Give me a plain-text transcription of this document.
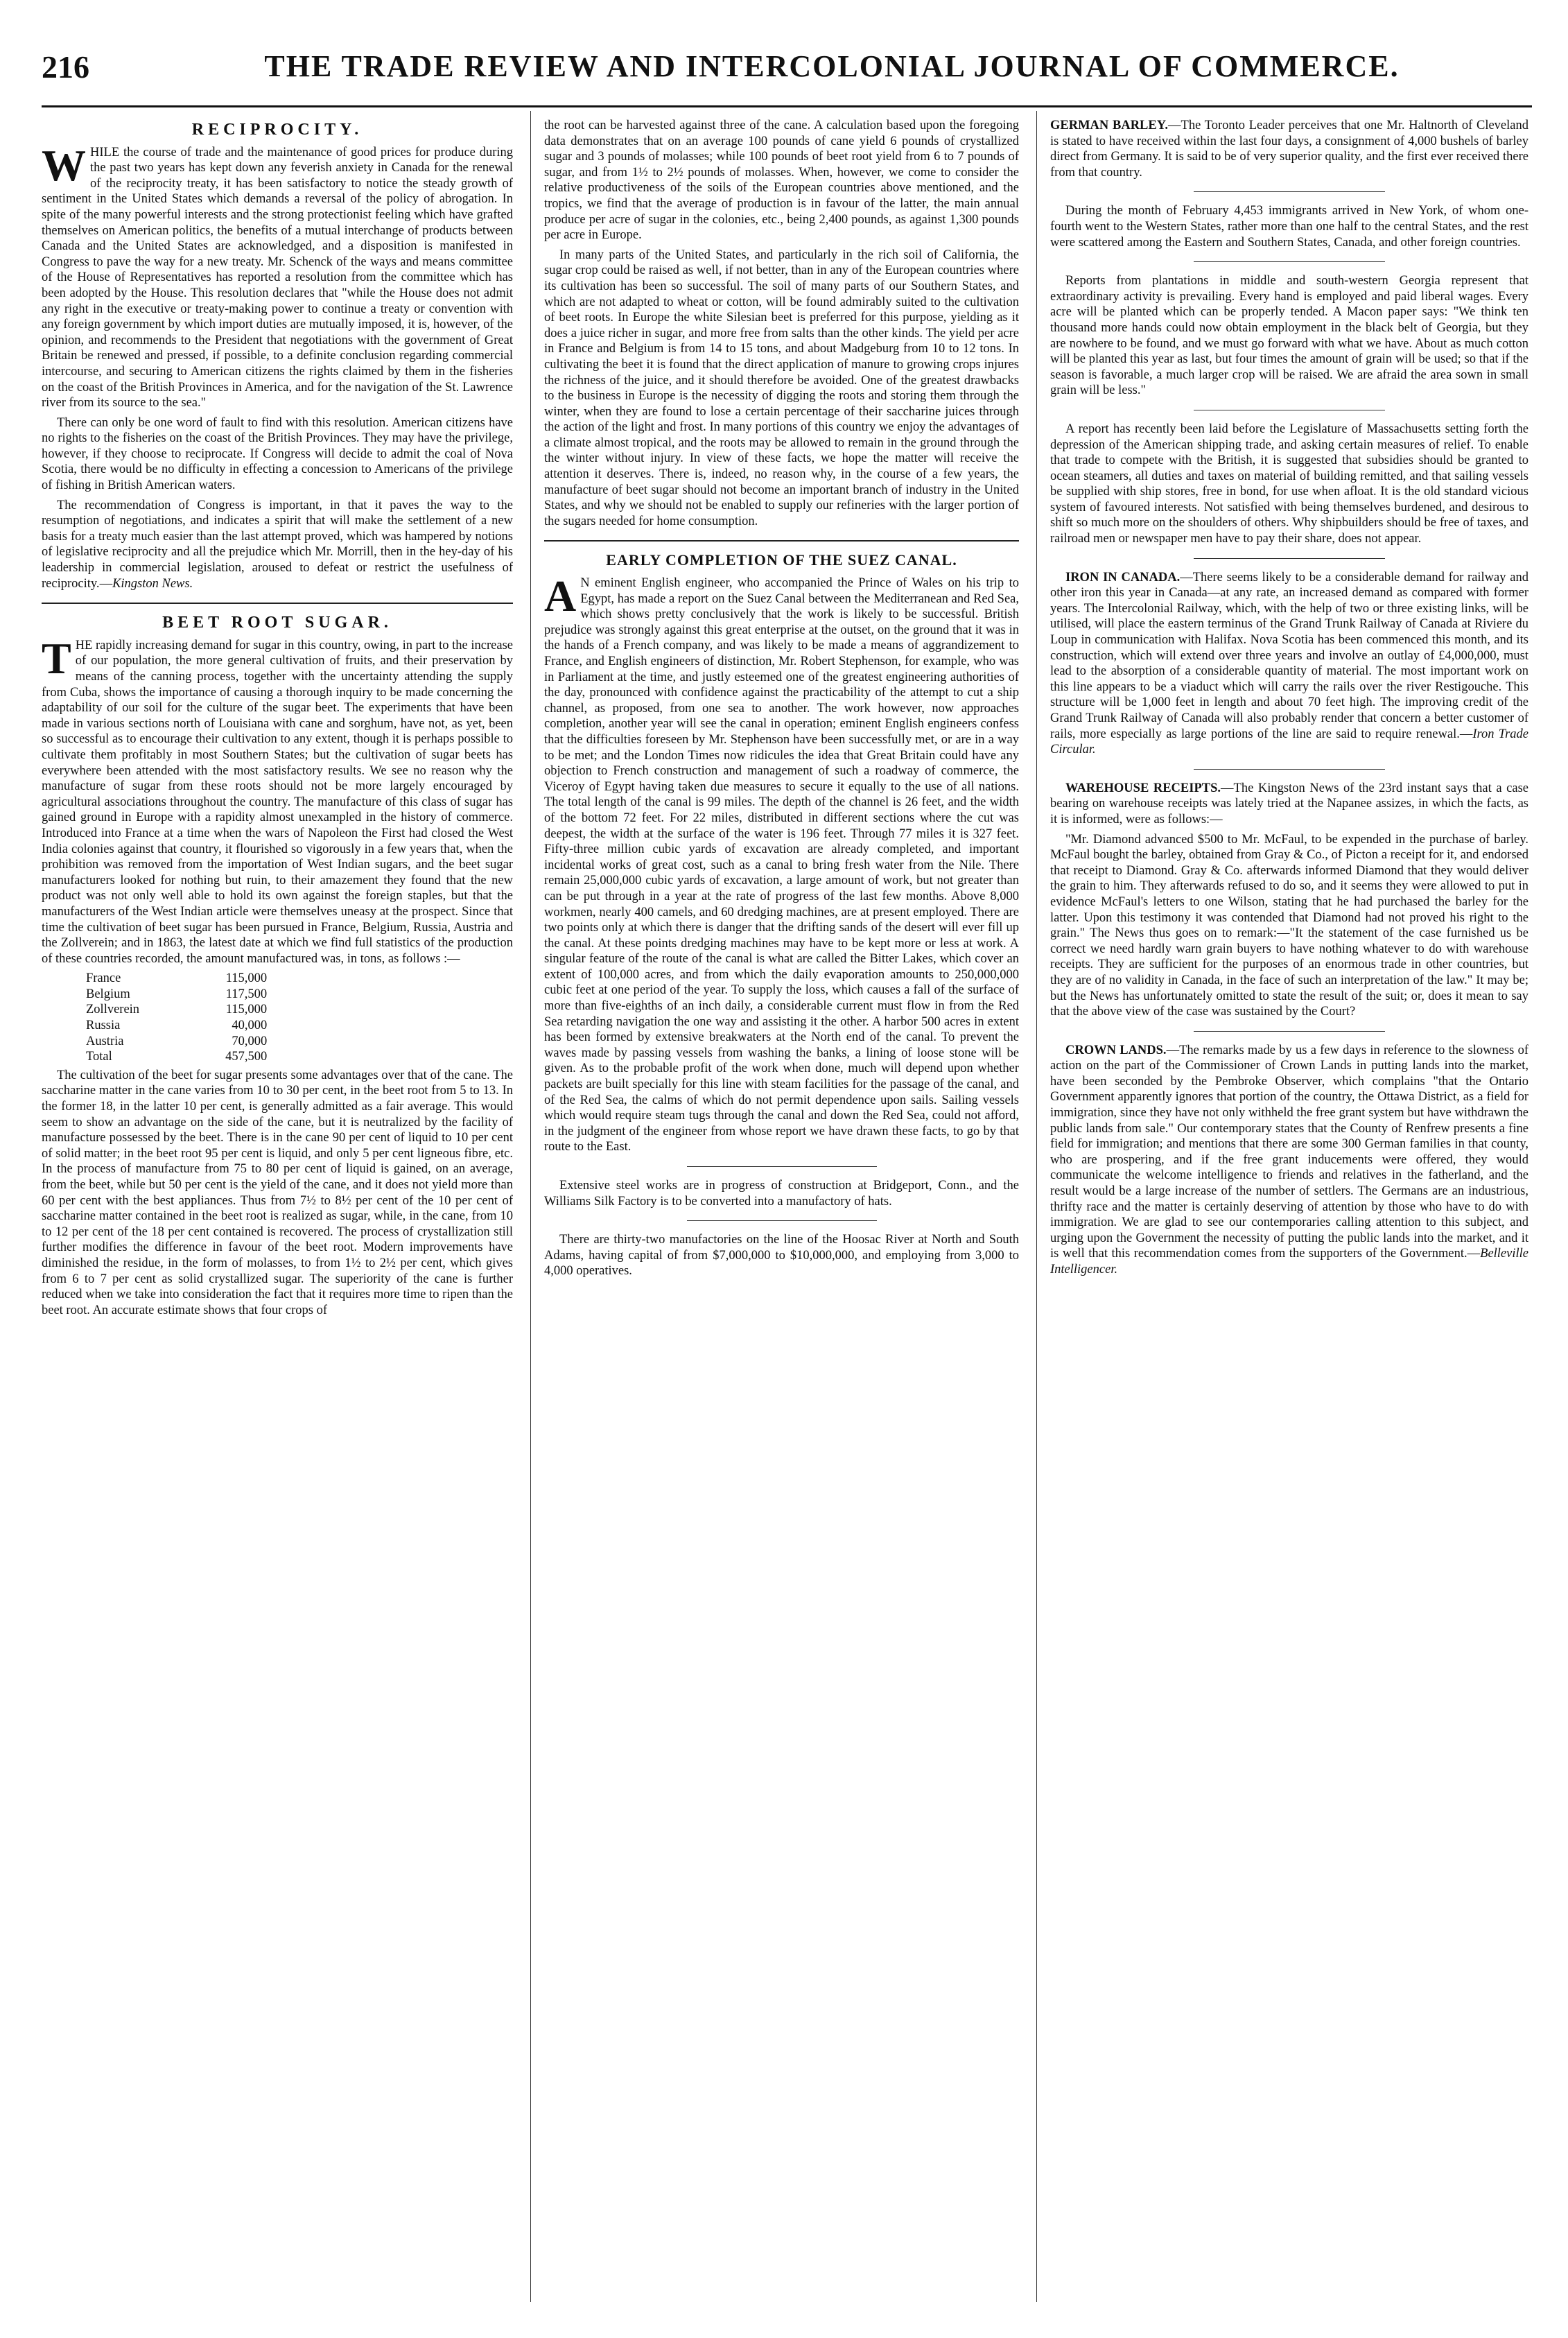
216	THE TRADE REVIEW AND INTERCOLONIAL JOURNAL OF COMMERCE.
RECIPROCITY.

WHILE the course of trade and the maintenance of good prices for produce during the past two years has kept down any feverish anxiety in Canada for the renewal of the reciprocity treaty, it has been satisfactory to notice the steady growth of sentiment in the United States which demands a reversal of the policy of abrogation. In spite of the many powerful interests and the strong protectionist feeling which have grafted themselves on American politics, the benefits of a mutual interchange of products between Canada and the United States are acknowledged, and a disposition is manifested in Congress to pave the way for a new treaty. Mr. Schenck of the ways and means committee of the House of Representatives has reported a resolution from the committee which has been adopted by the House. This resolution declares that "while the House does not admit any right in the executive or treaty-making power to continue a treaty or convention with any foreign government by which import duties are mutually imposed, it is, however, of the opinion, and recommends to the President that negotiations with the government of Great Britain be renewed and pressed, if possible, to a definite conclusion regarding commercial intercourse, and securing to American citizens the rights claimed by them in the fisheries on the coast of the British Provinces in America, and for the navigation of the St. Lawrence river from its source to the sea."

There can only be one word of fault to find with this resolution. American citizens have no rights to the fisheries on the coast of the British Provinces. They may have the privilege, however, if they choose to reciprocate. If Congress will decide to admit the coal of Nova Scotia, there would be no difficulty in effecting a concession to Americans of the privilege of fishing in British American waters.

The recommendation of Congress is important, in that it paves the way to the resumption of negotiations, and indicates a spirit that will make the settlement of a new basis for a treaty much easier than the last attempt proved, which was hampered by notions of legislative reciprocity and all the prejudice which Mr. Morrill, then in the hey-day of his leadership in commercial legislation, aroused to defeat or restrict the usefulness of reciprocity.—Kingston News.

BEET ROOT SUGAR.

THE rapidly increasing demand for sugar in this country, owing, in part to the increase of our population, the more general cultivation of fruits, and their preservation by means of the canning process, together with the uncertainty attending the supply from Cuba, shows the importance of causing a thorough inquiry to be made concerning the adaptability of our soil for the culture of the sugar beet. The experiments that have been made in various sections north of Louisiana with cane and sorghum, have not, as yet, been so successful as to encourage their cultivation to any extent, though it is perhaps possible to cultivate them profitably in most Southern States; but the cultivation of sugar beets has everywhere been attended with the most satisfactory results. We see no reason why the manufacture of sugar from these roots should not be more largely encouraged by agricultural associations throughout the country. The manufacture of this class of sugar has gained ground in Europe with a rapidity almost unexampled in the history of commerce. Introduced into France at a time when the wars of Napoleon the First had closed the West India colonies against that country, it flourished so vigorously in a few years that, when the prohibition was removed from the importation of West Indian sugars, and the beet sugar manufacturers looked for nothing but ruin, to their amazement they found that the new product was not only well able to hold its own against the foreign staples, but that the manufacturers of the West Indian article were themselves uneasy at the prospect. Since that time the cultivation of beet sugar has been pursued in France, Belgium, Russia, Austria and the Zollverein; and in 1863, the latest date at which we find full statistics of the production of these countries recorded, the amount manufactured was, in tons, as follows :—

France	115,000
Belgium	117,500
Zollverein	115,000
Russia	40,000
Austria	70,000
Total	457,500

The cultivation of the beet for sugar presents some advantages over that of the cane. The saccharine matter in the cane varies from 10 to 30 per cent, in the beet root from 5 to 13. In the former 18, in the latter 10 per cent, is generally admitted as a fair average. This would seem to show an advantage on the side of the cane, but it is neutralized by the facility of manufacture possessed by the beet. There is in the cane 90 per cent of liquid to 10 per cent of solid matter; in the beet root 95 per cent is liquid, and only 5 per cent ligneous fibre, etc. In the process of manufacture from 75 to 80 per cent of liquid is gained, on an average, from the beet, while but 50 per cent is the yield of the cane, and it does not yield more than 60 per cent with the best appliances. Thus from 7½ to 8½ per cent of the 10 per cent of saccharine matter contained in the beet root is realized as sugar, while, in the cane, from 10 to 12 per cent of the 18 per cent contained is recovered. The process of crystallization still further modifies the difference in favour of the beet root. Modern improvements have diminished the residue, in the form of molasses, to from 1½ to 2½ per cent, which gives from 6 to 7 per cent as solid crystallized sugar. The superiority of the cane is further reduced when we take into consideration the fact that it requires more time to ripen than the beet root. An accurate estimate shows that four crops of

the root can be harvested against three of the cane. A calculation based upon the foregoing data demonstrates that on an average 100 pounds of cane yield 6 pounds of crystallized sugar and 3 pounds of molasses; while 100 pounds of beet root yield from 6 to 7 pounds of sugar, and from 1½ to 2½ pounds of molasses. When, however, we come to consider the relative productiveness of the soils of the European countries above mentioned, and the tropics, we find that the average of production is in favour of the latter, the main annual produce per acre of sugar in the colonies, etc., being 2,400 pounds, as against 1,300 pounds per acre in Europe.

In many parts of the United States, and particularly in the rich soil of California, the sugar crop could be raised as well, if not better, than in any of the European countries where its cultivation has been so successful. The soil of many parts of our Southern States, and which are not adapted to wheat or cotton, will be found admirably suited to the cultivation of beet roots. In Europe the white Silesian beet is preferred for this purpose, yielding as it does a juice richer in sugar, and more free from salts than the other kinds. The yield per acre in France and Belgium is from 14 to 15 tons, and about Madgeburg from 10 to 12 tons. In cultivating the beet it is found that the direct application of manure to growing crops injures the richness of the juice, and it should therefore be avoided. One of the greatest drawbacks to the business in Europe is the necessity of digging the roots and storing them through the winter, when they are found to lose a certain percentage of their saccharine juices through the action of the light and frost. In many portions of this country we enjoy the advantages of a climate almost tropical, and the roots may be allowed to remain in the ground through the the winter without injury. In view of these facts, we hope the matter will receive the attention it deserves. There is, indeed, no reason why, in the course of a few years, the manufacture of beet sugar should not become an important branch of industry in the United States, and why we should not be enabled to supply our refineries with the larger portion of the sugars needed for home consumption.

EARLY COMPLETION OF THE SUEZ CANAL.

A N eminent English engineer, who accompanied the Prince of Wales on his trip to Egypt, has made a report on the Suez Canal between the Mediterranean and Red Sea, which shows pretty conclusively that the work is likely to be successful. British prejudice was strongly against this great enterprise at the outset, on the ground that it was in the hands of a French company, and was likely to be made a means of aggrandizement to France, and English engineers of distinction, Mr. Robert Stephenson, for example, who was in Parliament at the time, and justly esteemed one of the greatest engineering authorities of the day, pronounced with confidence against the practicability of the attempt to cut a ship channel, as proposed, from one sea to another. The work however, now approaches completion, another year will see the canal in operation; eminent English engineers confess that the difficulties foreseen by Mr. Stephenson have been successfully met, or are in a way to be met; and the London Times now ridicules the idea that Great Britain could have any objection to French construction and management of such a roadway of commerce, the Viceroy of Egypt having taken due measures to secure it equally to the use of all nations. The total length of the canal is 99 miles. The depth of the channel is 26 feet, and the width of the bottom 72 feet. For 22 miles, distributed in different sections where the cut was deepest, the width at the surface of the water is 196 feet. Through 77 miles it is 327 feet. Fifty-three million cubic yards of excavation are already completed, and important incidental works of great cost, such as a canal to bring fresh water from the Nile. There remain 25,000,000 cubic yards of excavation, a large amount of work, but not greater than can be put through in a year at the rate of progress of the last few months. Above 8,000 workmen, nearly 400 camels, and 60 dredging machines, are at present employed. There are two points only at which there is danger that the drifting sands of the desert will ever fill up the canal. At these points dredging machines may have to be kept more or less at work. A singular feature of the route of the canal is what are called the Bitter Lakes, which cover an extent of 100,000 acres, and from which the daily evaporation amounts to 250,000,000 cubic feet at one period of the year. To supply the loss, which causes a fall of the surface of more than five-eighths of an inch daily, a considerable current must flow in from the Red Sea retarding navigation the one way and assisting it the other. A harbor 500 acres in extent has been formed by extensive breakwaters at the North end of the canal. To prevent the waves made by passing vessels from washing the banks, a lining of loose stone will be given. As to the probable profit of the work when done, much will depend upon whether packets are built specially for this line with steam facilities for the passage of the canal, and of the Red Sea, the calms of which do not permit dependence upon sails. Sailing vessels which would require steam tugs through the canal and down the Red Sea, could not afford, in the judgment of the engineer from whose report we have drawn these facts, to go by that route to the East.

Extensive steel works are in progress of construction at Bridgeport, Conn., and the Williams Silk Factory is to be converted into a manufactory of hats.

There are thirty-two manufactories on the line of the Hoosac River at North and South Adams, having capital of from $7,000,000 to $10,000,000, and employing from 3,000 to 4,000 operatives.

GERMAN BARLEY.—The Toronto Leader perceives that one Mr. Haltnorth of Cleveland is stated to have received within the last four days, a consignment of 4,000 bushels of barley direct from Germany. It is said to be of very superior quality, and the first ever received there from that country.

During the month of February 4,453 immigrants arrived in New York, of whom one-fourth went to the Western States, rather more than one half to the central States, and the rest were scattered among the Eastern and Southern States, Canada, and other foreign countries.

Reports from plantations in middle and south-western Georgia represent that extraordinary activity is prevailing. Every hand is employed and paid liberal wages. Every acre will be planted which can be properly tended. A Macon paper says: "We think ten thousand more hands could now obtain employment in the black belt of Georgia, but they are nowhere to be found, and we must go forward with what we have. About as much cotton will be planted this year as last, but four times the amount of grain will be used; so that if the season is favorable, a much larger crop will be raised. We are afraid the area sown in small grain will be less."

A report has recently been laid before the Legislature of Massachusetts setting forth the depression of the American shipping trade, and asking certain measures of relief. To enable that trade to compete with the British, it is suggested that subsidies should be granted to ocean steamers, all duties and taxes on material of building remitted, and that sailing vessels be supplied with ship stores, free in bond, for use when afloat. It is the old standard vicious system of favoured interests. Not satisfied with being themselves burdened, and desirous to shift so much more on the shoulders of others. Why shipbuilders should be free of taxes, and railroad men or newspaper men have to pay their share, does not appear.

IRON IN CANADA.—There seems likely to be a considerable demand for railway and other iron this year in Canada—at any rate, an increased demand as compared with former years. The Intercolonial Railway, which, with the help of two or three existing links, will be utilised, will place the eastern terminus of the Grand Trunk Railway of Canada at Riviere du Loup in communication with Halifax. Nova Scotia has been commenced this month, and its construction, which will extend over three years and involve an outlay of £4,000,000, must lead to the absorption of a considerable quantity of material. The most important work on this line appears to be a viaduct which will carry the rails over the river Restigouche. This structure will be 1,000 feet in length and about 70 feet high. The improving credit of the Grand Trunk Railway of Canada will also probably render that concern a better customer of rails, more especially as large portions of the line are said to require renewal.—Iron Trade Circular.

WAREHOUSE RECEIPTS.—The Kingston News of the 23rd instant says that a case bearing on warehouse receipts was lately tried at the Napanee assizes, in which the facts, as it is informed, were as follows:—

"Mr. Diamond advanced $500 to Mr. McFaul, to be expended in the purchase of barley. McFaul bought the barley, obtained from Gray & Co., of Picton a receipt for it, and endorsed that receipt to Diamond. Gray & Co. afterwards informed Diamond that they would deliver the grain to him. They afterwards refused to do so, and it seems they were allowed to put in evidence McFaul's letters to one Wilson, stating that he had purchased the barley for the latter. Upon this testimony it was contended that Diamond had not proved his right to the grain." The News thus goes on to remark:—"It the statement of the case furnished us be correct we need hardly warn grain buyers to have nothing whatever to do with warehouse receipts. They are sufficient for the purposes of an enormous trade in other countries, but they are of no validity in Canada, in the face of such an interpretation of the law." It may be; but the News has unfortunately omitted to state the result of the suit; or, does it mean to say that the above view of the case was sustained by the Court?

CROWN LANDS.—The remarks made by us a few days in reference to the slowness of action on the part of the Commissioner of Crown Lands in putting lands into the market, have been seconded by the Pembroke Observer, which complains "that the Ontario Government apparently ignores that portion of the country, the Ottawa District, as a field for immigration, since they have not only withheld the free grant system but have withdrawn the public lands from sale." Our contemporary states that the County of Renfrew presents a fine field for immigration; and mentions that there are some 300 German families in that county, who are prospering, and if the free grant inducements were offered, they would communicate the welcome intelligence to friends and relatives in the fatherland, and the result would be a large increase of the number of settlers. The Germans are an industrious, thrifty race and the matter is certainly deserving of attention by those who have to do with immigration. We are glad to see our contemporaries calling attention to this subject, and urging upon the Government the necessity of putting the public lands into the market, and it is well that this recommendation comes from the supporters of the Government.—Belleville Intelligencer.
